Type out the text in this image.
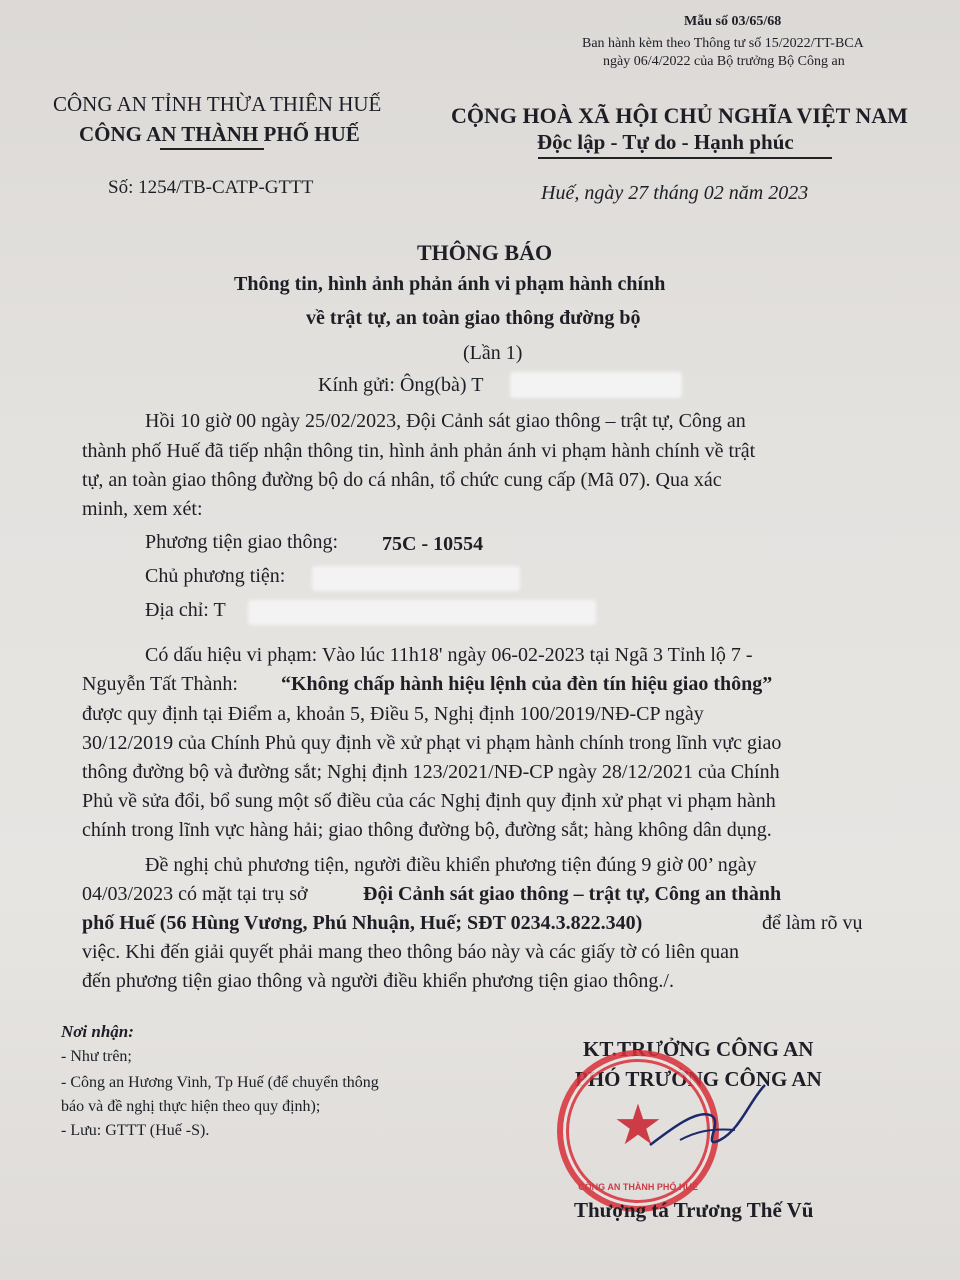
Mẫu số 03/65/68
Ban hành kèm theo Thông tư số 15/2022/TT-BCA
ngày 06/4/2022 của Bộ trưởng Bộ Công an
CÔNG AN TỈNH THỪA THIÊN HUẾ
CÔNG AN THÀNH PHỐ HUẾ
Số: 1254/TB-CATP-GTTT
CỘNG HOÀ XÃ HỘI CHỦ NGHĨA VIỆT NAM
Độc lập - Tự do - Hạnh phúc
Huế, ngày 27 tháng 02 năm 2023
THÔNG BÁO
Thông tin, hình ảnh phản ánh vi phạm hành chính
về trật tự, an toàn giao thông đường bộ
(Lần 1)
Kính gửi: Ông(bà) T
Hồi 10 giờ 00 ngày 25/02/2023, Đội Cảnh sát giao thông – trật tự, Công an
thành phố Huế đã tiếp nhận thông tin, hình ảnh phản ánh vi phạm hành chính về trật
tự, an toàn giao thông đường bộ do cá nhân, tổ chức cung cấp (Mã 07). Qua xác
minh, xem xét:
Phương tiện giao thông: 75C - 10554
Chủ phương tiện:
Địa chỉ: T
Có dấu hiệu vi phạm: Vào lúc 11h18' ngày 06-02-2023 tại Ngã 3 Tỉnh lộ 7 -
Nguyễn Tất Thành: “Không chấp hành hiệu lệnh của đèn tín hiệu giao thông”
được quy định tại Điểm a, khoản 5, Điều 5, Nghị định 100/2019/NĐ-CP ngày
30/12/2019 của Chính Phủ quy định về xử phạt vi phạm hành chính trong lĩnh vực giao
thông đường bộ và đường sắt; Nghị định 123/2021/NĐ-CP ngày 28/12/2021 của Chính
Phủ về sửa đổi, bổ sung một số điều của các Nghị định quy định xử phạt vi phạm hành
chính trong lĩnh vực hàng hải; giao thông đường bộ, đường sắt; hàng không dân dụng.
Đề nghị chủ phương tiện, người điều khiển phương tiện đúng 9 giờ 00’ ngày
04/03/2023 có mặt tại trụ sở	Đội Cảnh sát giao thông – trật tự, Công an thành
phố Huế (56 Hùng Vương, Phú Nhuận, Huế; SĐT 0234.3.822.340)	để làm rõ vụ
việc. Khi đến giải quyết phải mang theo thông báo này và các giấy tờ có liên quan
đến phương tiện giao thông và người điều khiển phương tiện giao thông./.
Nơi nhận:
- Như trên;
- Công an Hương Vinh, Tp Huế (để chuyển thông
báo và đề nghị thực hiện theo quy định);
- Lưu: GTTT (Huế -S).
KT.TRƯỞNG CÔNG AN
PHÓ TRƯỞNG CÔNG AN
★
CÔNG AN THÀNH PHỐ HUẾ
Thượng tá Trương Thế Vũ
